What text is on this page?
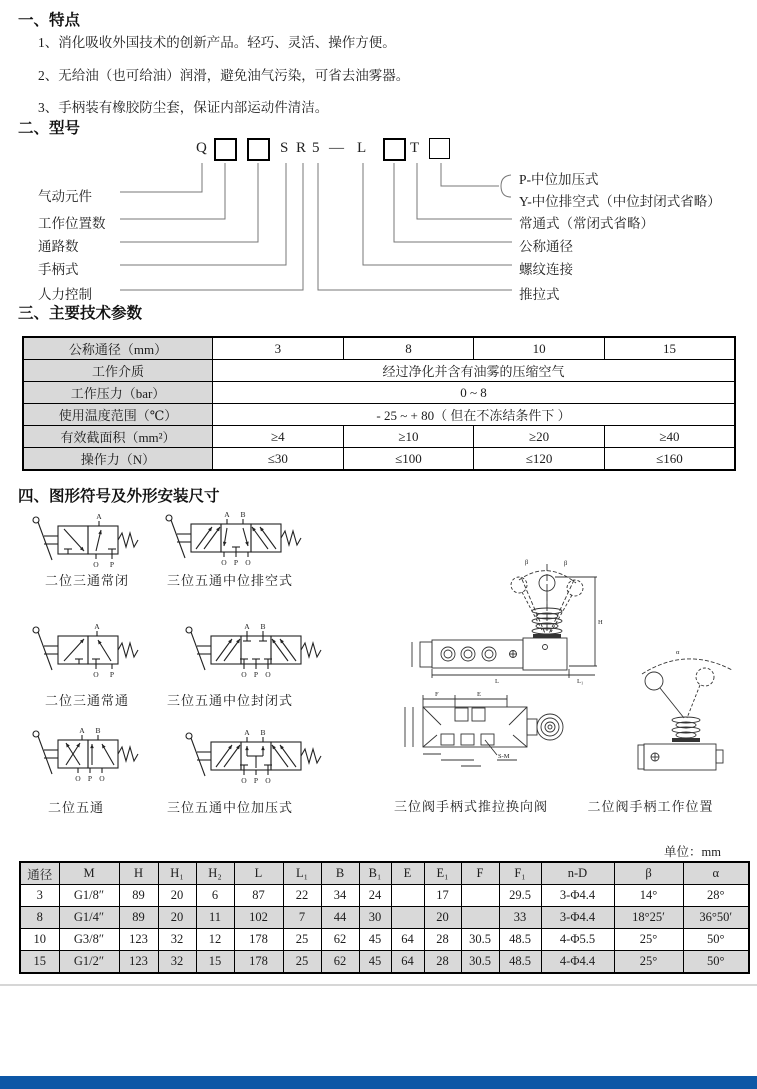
一、特点
1、消化吸收外国技术的创新产品。轻巧、灵活、操作方便。
2、无给油（也可给油）润滑，避免油气污染，可省去油雾器。
3、手柄装有橡胶防尘套，保证内部运动件清洁。
二、型号
Q	S R 5 — L	T
气动元件
工作位置数
通路数
手柄式
人力控制
P-中位加压式
Y-中位排空式（中位封闭式省略）
常通式（常闭式省略）
公称通径
螺纹连接
推拉式
三、主要技术参数
公称通径（mm）	3	8	10	15
工作介质	经过净化并含有油雾的压缩空气			
工作压力（bar）	0 ~ 8			
使用温度范围（℃）	- 25 ~ + 80（ 但在不冻结条件下 ）			
有效截面积（mm²）	≥4	≥10	≥20	≥40
操作力（N）	≤30	≤100	≤120	≤160
四、图形符号及外形安装尺寸
A
O P
二位三通常闭
A B
O P O
三位五通中位排空式
A
O P
二位三通常通
A B
O P O
三位五通中位封闭式
A B
O P O
二位五通
A B
O P O
三位五通中位加压式
β	β
H
L	L₁
F	E
S-M
三位阀手柄式推拉换向阀
α
二位阀手柄工作位置
单位：mm
通径	M	H	H₁	H₂	L	L₁	B	B₁	E	E₁	F	F₁	n-D	β	α
3	G1/8″	89	20	6	87	22	34	24		17		29.5	3-Φ4.4	14°	28°
8	G1/4″	89	20	11	102	7	44	30		20		33	3-Φ4.4	18°25′	36°50′
10	G3/8″	123	32	12	178	25	62	45	64	28	30.5	48.5	4-Φ5.5	25°	50°
15	G1/2″	123	32	15	178	25	62	45	64	28	30.5	48.5	4-Φ4.4	25°	50°
